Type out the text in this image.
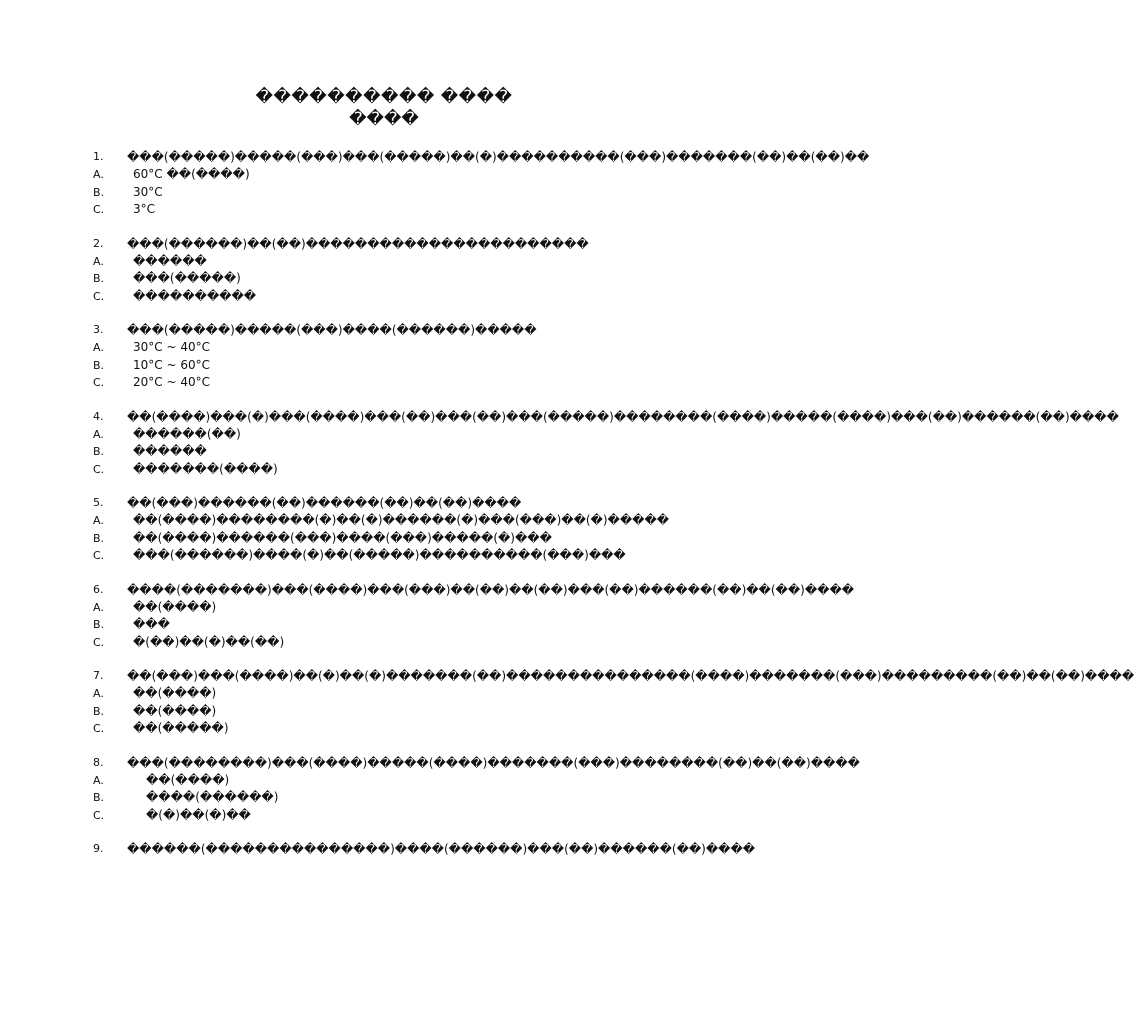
���������� ����
����
1.	���(�����)�����(���)���(�����)��(�)����������(���)�������(��)��(��)��
A.	60°C ��(����)
B.	30°C
C.	3°C
2.	���(������)��(��)�����������������������
A.	������
B.	���(�����)
C.	����������
3.	���(�����)�����(���)����(������)�����
A.	30°C ~ 40°C
B.	10°C ~ 60°C
C.	20°C ~ 40°C
4.	��(����)���(�)���(����)���(��)���(��)���(�����)��������(����)�����(����)���(��)������(��)����
A.	������(��)
B.	������
C.	�������(����)
5.	��(���)������(��)������(��)��(��)����
A.	��(����)��������(�)��(�)������(�)���(���)��(�)�����
B.	��(����)������(���)����(���)�����(�)���
C.	���(������)����(�)��(�����)����������(���)���
6.	����(�������)���(����)���(���)��(��)��(��)���(��)������(��)��(��)����
A.	��(����)
B.	���
C.	�(��)��(�)��(��)
7.	��(���)���(����)��(�)��(�)�������(��)���������������(����)�������(���)���������(��)��(��)����
A.	��(����)
B.	��(����)
C.	��(�����)
8.	���(��������)���(����)�����(����)�������(���)��������(��)��(��)����
A.	��(����)
B.	����(������)
C.	�(�)��(�)��
9.	������(���������������)����(������)���(��)������(��)����
